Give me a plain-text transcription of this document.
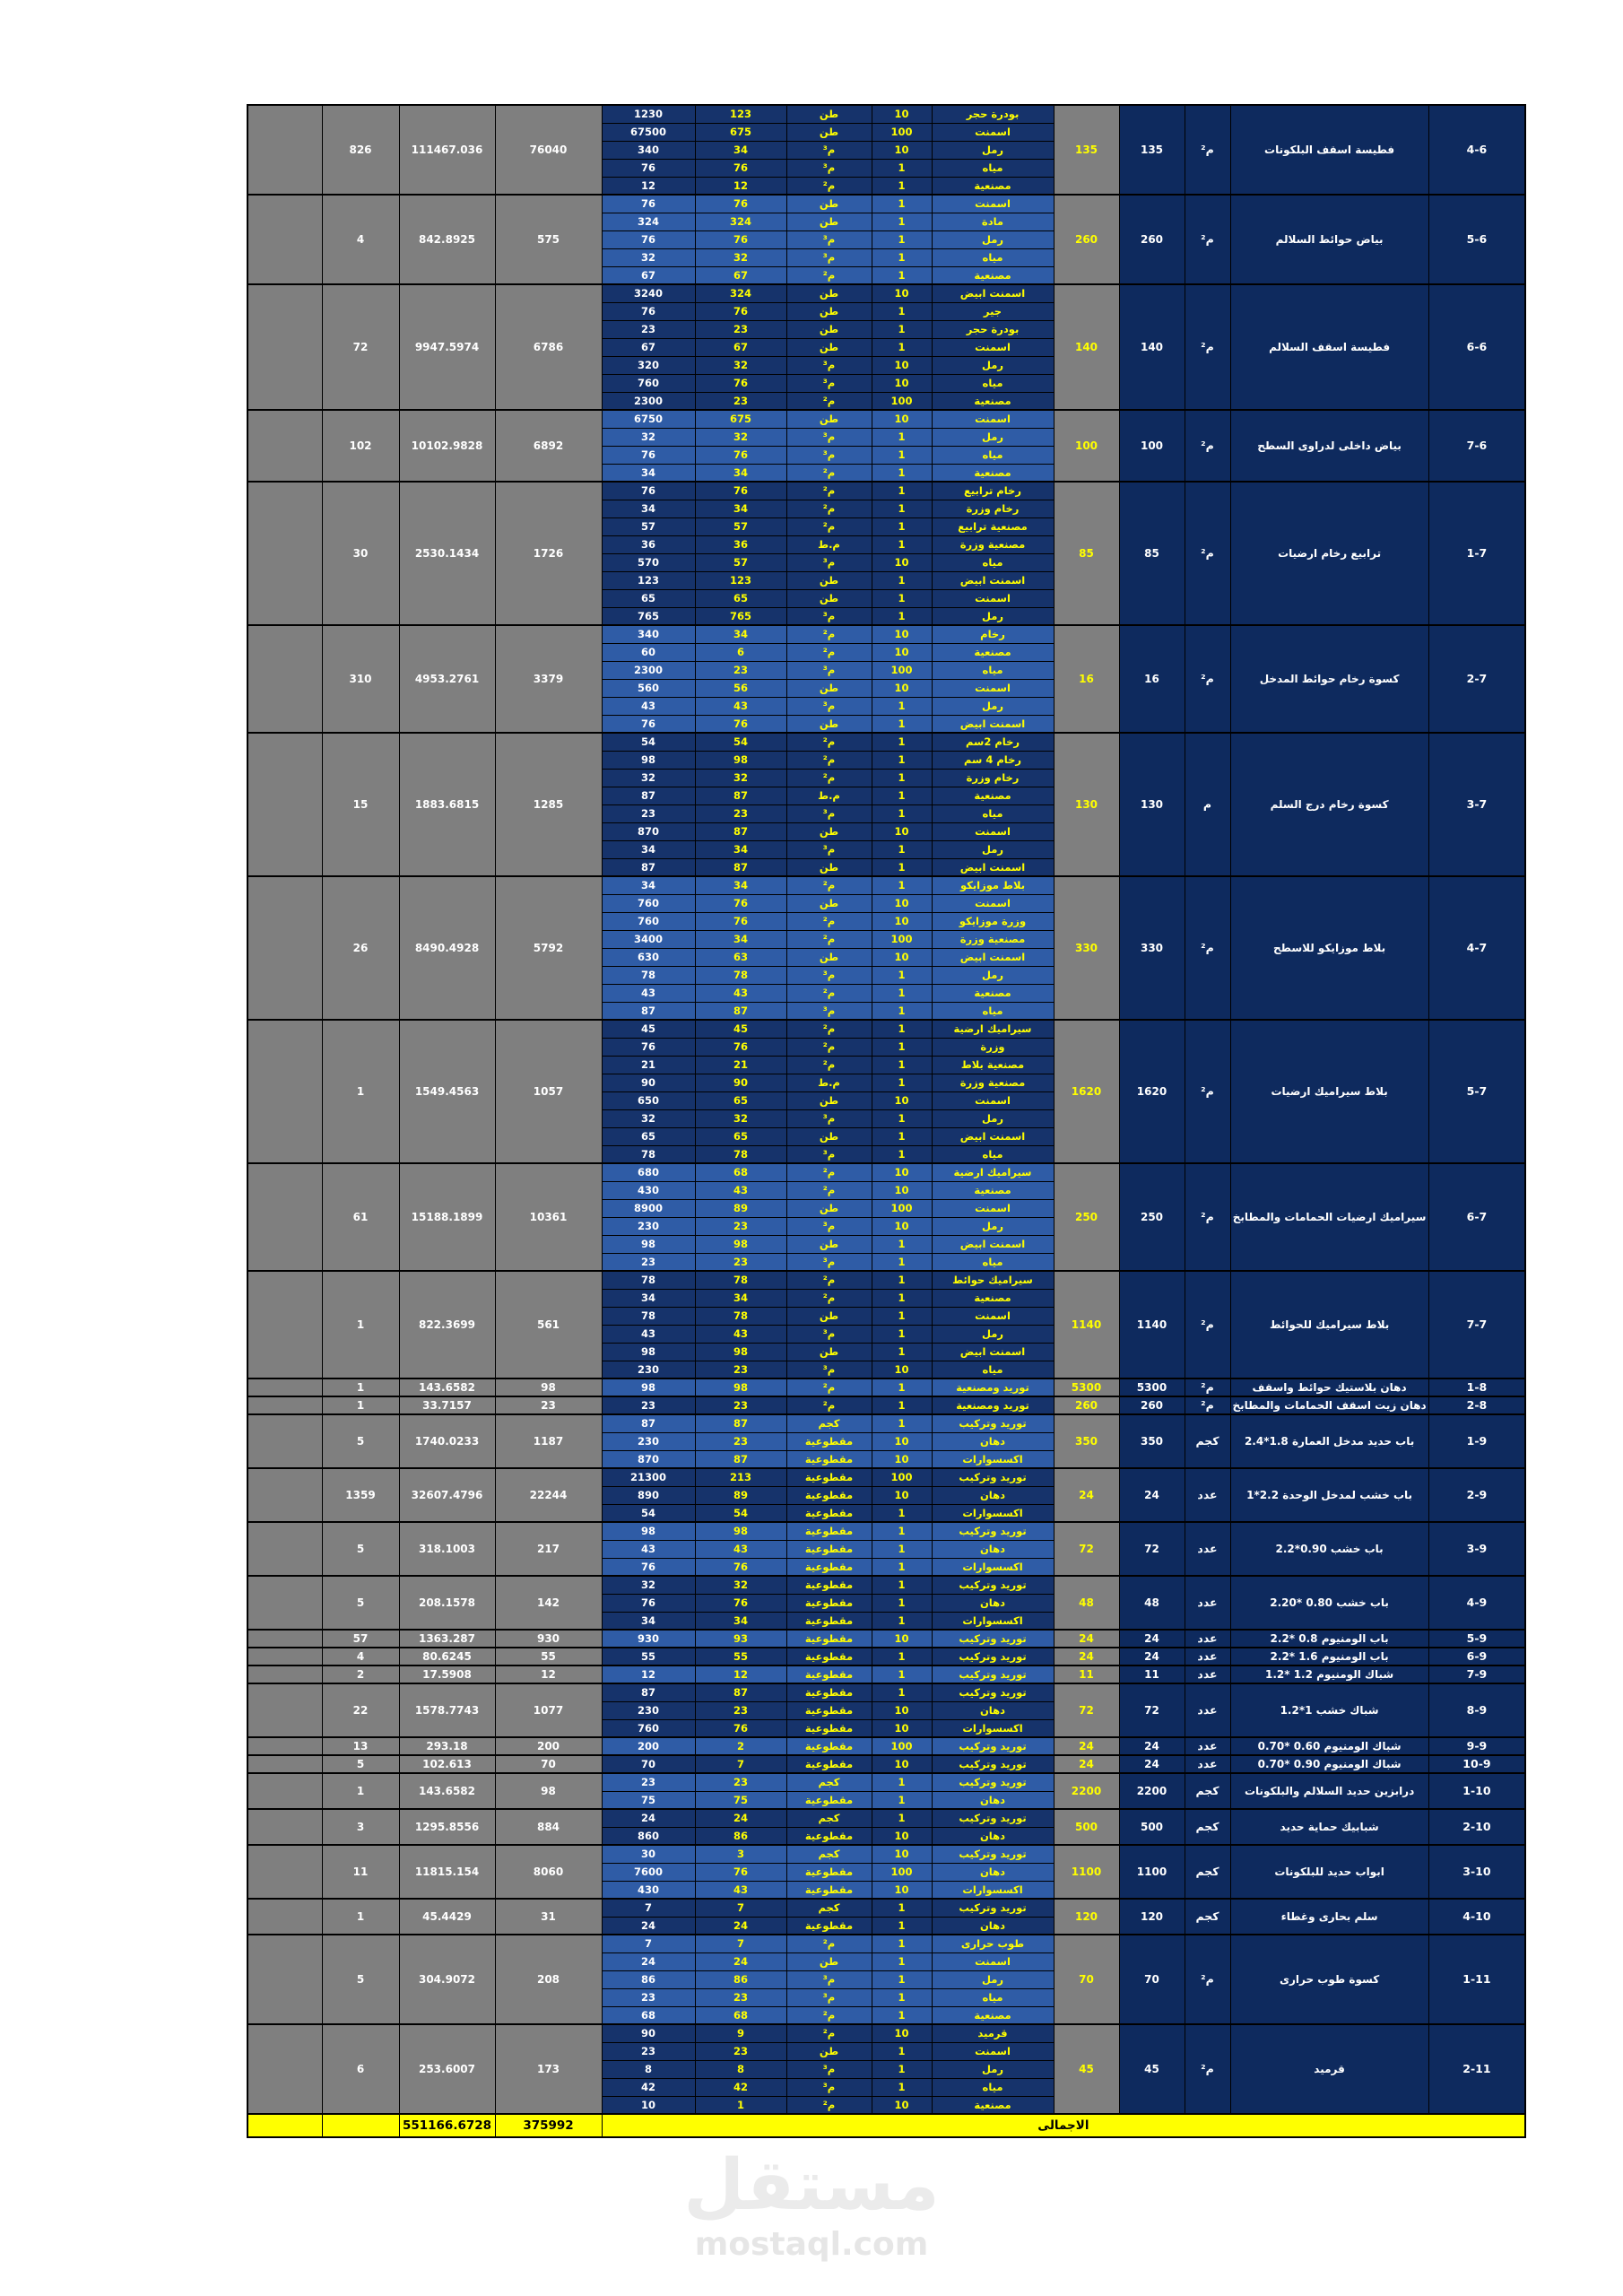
4-6	فطيسة اسقف البلكونات	م²	135	135	بودرة حجر	10	طن	123	1230	76040	111467.036	826	
					اسمنت	100	طن	675	67500				
					رمل	10	م³	34	340				
					مياه	1	م³	76	76				
					مصنعية	1	م²	12	12				
5-6	بياض حوائط السلالم	م²	260	260	اسمنت	1	طن	76	76	575	842.8925	4	
					مادة	1	طن	324	324				
					رمل	1	م³	76	76				
					مياه	1	م³	32	32				
					مصنعية	1	م²	67	67				
6-6	فطيسة اسقف السلالم	م²	140	140	اسمنت ابيض	10	طن	324	3240	6786	9947.5974	72	
					جير	1	طن	76	76				
					بودرة حجر	1	طن	23	23				
					اسمنت	1	طن	67	67				
					رمل	10	م³	32	320				
					مياه	10	م³	76	760				
					مصنعية	100	م²	23	2300				
7-6	بياض داخلى لدراوى السطح	م²	100	100	اسمنت	10	طن	675	6750	6892	10102.9828	102	
					رمل	1	م³	32	32				
					مياه	1	م³	76	76				
					مصنعية	1	م²	34	34				
1-7	ترابيع رخام ارضيات	م²	85	85	رخام ترابيع	1	م²	76	76	1726	2530.1434	30	
					رخام وزرة	1	م²	34	34				
					مصنعية ترابيع	1	م²	57	57				
					مصنعية وزرة	1	م.ط	36	36				
					مياه	10	م³	57	570				
					اسمنت ابيض	1	طن	123	123				
					اسمنت	1	طن	65	65				
					رمل	1	م³	765	765				
2-7	كسوة رخام حوائط المدخل	م²	16	16	رخام	10	م²	34	340	3379	4953.2761	310	
					مصنعية	10	م²	6	60				
					مياه	100	م³	23	2300				
					اسمنت	10	طن	56	560				
					رمل	1	م³	43	43				
					اسمنت ابيض	1	طن	76	76				
3-7	كسوة رخام درج السلم	م	130	130	رخام 2سم	1	م²	54	54	1285	1883.6815	15	
					رخام 4 سم	1	م²	98	98				
					رخام وزرة	1	م²	32	32				
					مصنعية	1	م.ط	87	87				
					مياه	1	م³	23	23				
					اسمنت	10	طن	87	870				
					رمل	1	م³	34	34				
					اسمنت ابيض	1	طن	87	87				
4-7	بلاط موزايكو للاسطح	م²	330	330	بلاط موزايكو	1	م²	34	34	5792	8490.4928	26	
					اسمنت	10	طن	76	760				
					وزرة موزايكو	10	م²	76	760				
					مصنعية وزرة	100	م²	34	3400				
					اسمنت ابيض	10	طن	63	630				
					رمل	1	م³	78	78				
					مصنعية	1	م²	43	43				
					مياه	1	م³	87	87				
5-7	بلاط سيراميك ارضيات	م²	1620	1620	سيراميك ارضية	1	م²	45	45	1057	1549.4563	1	
					وزرة	1	م²	76	76				
					مصنعية بلاط	1	م²	21	21				
					مصنعية وزرة	1	م.ط	90	90				
					اسمنت	10	طن	65	650				
					رمل	1	م³	32	32				
					اسمنت ابيض	1	طن	65	65				
					مياه	1	م³	78	78				
6-7	سيراميك ارضيات الحمامات والمطابخ	م²	250	250	سيراميك ارضية	10	م²	68	680	10361	15188.1899	61	
					مصنعية	10	م²	43	430				
					اسمنت	100	طن	89	8900				
					رمل	10	م³	23	230				
					اسمنت ابيض	1	طن	98	98				
					مياه	1	م³	23	23				
7-7	بلاط سيراميك للحوائط	م²	1140	1140	سيراميك حوائط	1	م²	78	78	561	822.3699	1	
					مصنعية	1	م²	34	34				
					اسمنت	1	طن	78	78				
					رمل	1	م³	43	43				
					اسمنت ابيض	1	طن	98	98				
					مياه	10	م³	23	230				
1-8	دهان بلاستيك حوائط واسقف	م²	5300	5300	توريد ومصنعية	1	م²	98	98	98	143.6582	1	
2-8	دهان زيت اسقف الحمامات والمطابخ	م²	260	260	توريد ومصنعية	1	م²	23	23	23	33.7157	1	
1-9	باب حديد مدخل العمارة 1.8*2.4	كجم	350	350	توريد وتركيب	1	كجم	87	87	1187	1740.0233	5	
					دهان	10	مقطوعية	23	230				
					اكسسوارات	10	مقطوعية	87	870				
2-9	باب خشب لمدخل الوحدة 2.2*1	عدد	24	24	توريد وتركيب	100	مقطوعية	213	21300	22244	32607.4796	1359	
					دهان	10	مقطوعية	89	890				
					اكسسوارات	1	مقطوعية	54	54				
3-9	باب خشب 0.90*2.2	عدد	72	72	توريد وتركيب	1	مقطوعية	98	98	217	318.1003	5	
					دهان	1	مقطوعية	43	43				
					اكسسوارات	1	مقطوعية	76	76				
4-9	باب خشب 0.80 *2.20	عدد	48	48	توريد وتركيب	1	مقطوعية	32	32	142	208.1578	5	
					دهان	1	مقطوعية	76	76				
					اكسسوارات	1	مقطوعية	34	34				
5-9	باب الومنيوم 0.8 *2.2	عدد	24	24	توريد وتركيب	10	مقطوعية	93	930	930	1363.287	57	
6-9	باب الومنيوم 1.6 *2.2	عدد	24	24	توريد وتركيب	1	مقطوعية	55	55	55	80.6245	4	
7-9	شباك الومنيوم 1.2 *1.2	عدد	11	11	توريد وتركيب	1	مقطوعية	12	12	12	17.5908	2	
8-9	شباك خشب 1*1.2	عدد	72	72	توريد وتركيب	1	مقطوعية	87	87	1077	1578.7743	22	
					دهان	10	مقطوعية	23	230				
					اكسسوارات	10	مقطوعية	76	760				
9-9	شباك الومنيوم 0.60 *0.70	عدد	24	24	توريد وتركيب	100	مقطوعية	2	200	200	293.18	13	
10-9	شباك الومنيوم 0.90 *0.70	عدد	24	24	توريد وتركيب	10	مقطوعية	7	70	70	102.613	5	
1-10	درابزين حديد السلالم والبلكونات	كجم	2200	2200	توريد وتركيب	1	كجم	23	23	98	143.6582	1	
					دهان	1	مقطوعية	75	75				
2-10	شبابيك حماية حديد	كجم	500	500	توريد وتركيب	1	كجم	24	24	884	1295.8556	3	
					دهان	10	مقطوعية	86	860				
3-10	ابواب حديد للبلكونات	كجم	1100	1100	توريد وتركيب	10	كجم	3	30	8060	11815.154	11	
					دهان	100	مقطوعية	76	7600				
					اكسسوارات	10	مقطوعية	43	430				
4-10	سلم بحارى وغطاء	كجم	120	120	توريد وتركيب	1	كجم	7	7	31	45.4429	1	
					دهان	1	مقطوعية	24	24				
1-11	كسوة طوب حرارى	م²	70	70	طوب حرارى	1	م²	7	7	208	304.9072	5	
					اسمنت	1	طن	24	24				
					رمل	1	م³	86	86				
					مياه	1	م³	23	23				
					مصنعية	1	م²	68	68				
2-11	قرميد	م²	45	45	قرميد	10	م²	9	90	173	253.6007	6	
					اسمنت	1	طن	23	23				
					رمل	1	م³	8	8				
					مياه	1	م³	42	42				
					مصنعية	10	م²	1	10				
الاجمالى										375992	551166.6728		
مستقل
mostaql.com
